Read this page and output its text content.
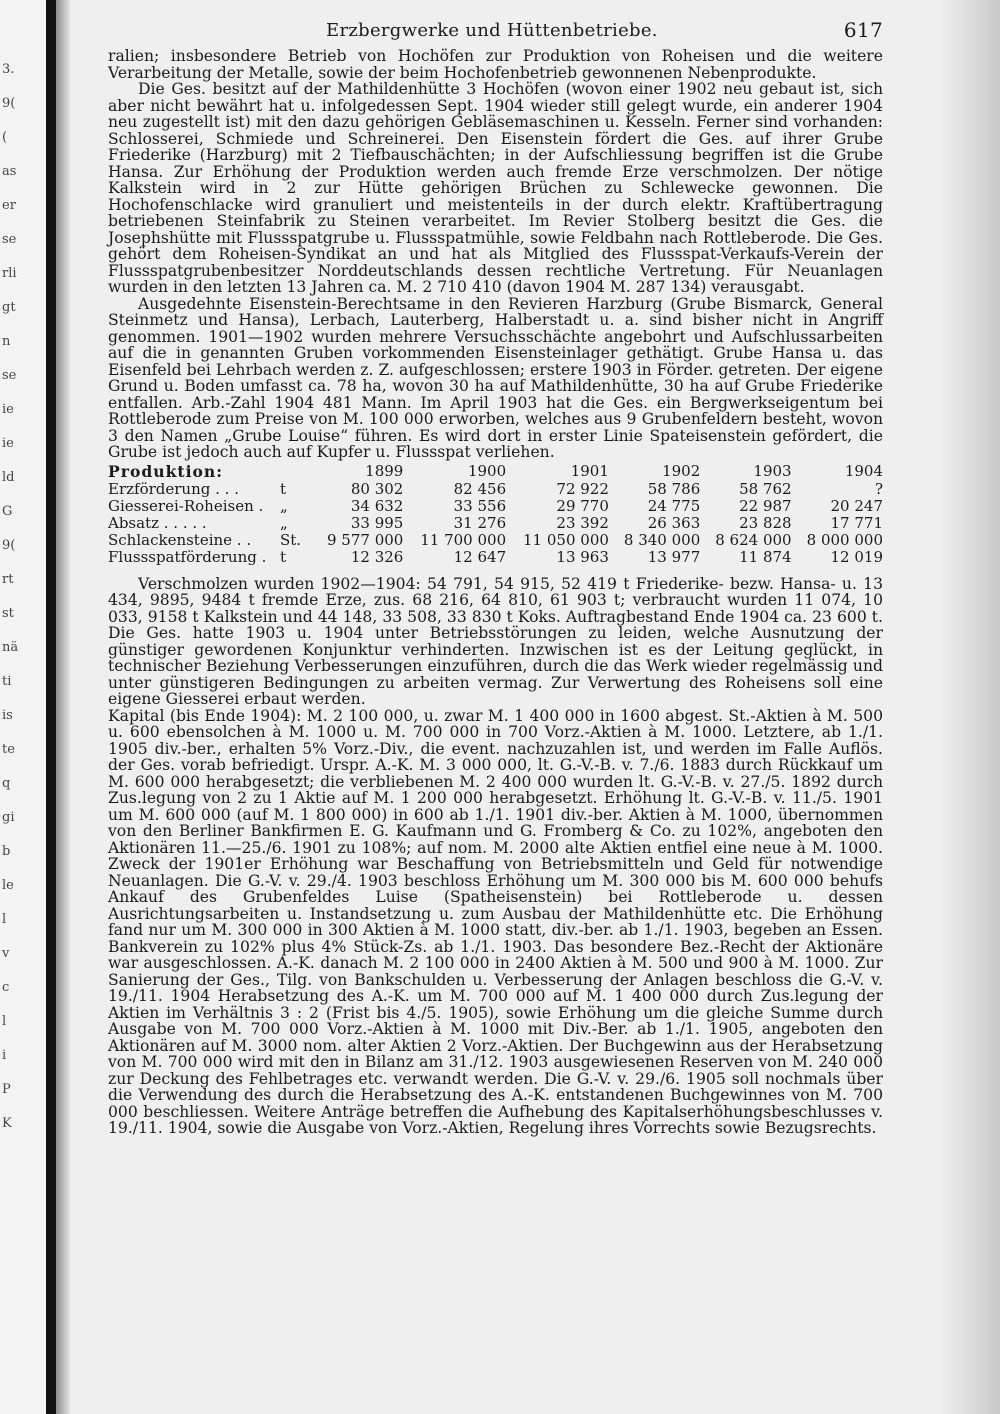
3.
9(
(
as
er
se
rli
gt
n
se
ie
ie
ld
G
9(
rt
st
nä
ti
is
te
q
gi
b
le
l
v
c
l
i
P
K
Erzbergwerke und Hüttenbetriebe.	617

ralien; insbesondere Betrieb von Hochöfen zur Produktion von Roheisen und die weitere Verarbeitung der Metalle, sowie der beim Hochofenbetrieb gewonnenen Nebenprodukte.

Die Ges. besitzt auf der Mathildenhütte 3 Hochöfen (wovon einer 1902 neu gebaut ist, sich aber nicht bewährt hat u. infolgedessen Sept. 1904 wieder still gelegt wurde, ein anderer 1904 neu zugestellt ist) mit den dazu gehörigen Gebläsemaschinen u. Kesseln. Ferner sind vorhanden: Schlosserei, Schmiede und Schreinerei. Den Eisenstein fördert die Ges. auf ihrer Grube Friederike (Harzburg) mit 2 Tiefbauschächten; in der Aufschliessung begriffen ist die Grube Hansa. Zur Erhöhung der Produktion werden auch fremde Erze verschmolzen. Der nötige Kalkstein wird in 2 zur Hütte gehörigen Brüchen zu Schlewecke gewonnen. Die Hochofenschlacke wird granuliert und meistenteils in der durch elektr. Kraftübertragung betriebenen Steinfabrik zu Steinen verarbeitet. Im Revier Stolberg besitzt die Ges. die Josephshütte mit Flussspatgrube u. Flussspatmühle, sowie Feldbahn nach Rottleberode. Die Ges. gehört dem Roheisen-Syndikat an und hat als Mitglied des Flussspat-Verkaufs-Verein der Flussspatgrubenbesitzer Norddeutschlands dessen rechtliche Vertretung. Für Neuanlagen wurden in den letzten 13 Jahren ca. M. 2 710 410 (davon 1904 M. 287 134) verausgabt.

Ausgedehnte Eisenstein-Berechtsame in den Revieren Harzburg (Grube Bismarck, General Steinmetz und Hansa), Lerbach, Lauterberg, Halberstadt u. a. sind bisher nicht in Angriff genommen. 1901—1902 wurden mehrere Versuchsschächte angebohrt und Aufschlussarbeiten auf die in genannten Gruben vorkommenden Eisensteinlager gethätigt. Grube Hansa u. das Eisenfeld bei Lehrbach werden z. Z. aufgeschlossen; erstere 1903 in Förder. getreten. Der eigene Grund u. Boden umfasst ca. 78 ha, wovon 30 ha auf Mathildenhütte, 30 ha auf Grube Friederike entfallen. Arb.-Zahl 1904 481 Mann. Im April 1903 hat die Ges. ein Bergwerkseigentum bei Rottleberode zum Preise von M. 100 000 erworben, welches aus 9 Grubenfeldern besteht, wovon 3 den Namen „Grube Louise“ führen. Es wird dort in erster Linie Spateisenstein gefördert, die Grube ist jedoch auch auf Kupfer u. Flussspat verliehen.

Produktion:		1899	1900	1901	1902	1903	1904
Erzförderung . . .	t	80 302	82 456	72 922	58 786	58 762	?
Giesserei-Roheisen .	„	34 632	33 556	29 770	24 775	22 987	20 247
Absatz . . . . .	„	33 995	31 276	23 392	26 363	23 828	17 771
Schlackensteine . .	St.	9 577 000	11 700 000	11 050 000	8 340 000	8 624 000	8 000 000
Flussspatförderung .	t	12 326	12 647	13 963	13 977	11 874	12 019

Verschmolzen wurden 1902—1904: 54 791, 54 915, 52 419 t Friederike- bezw. Hansa- u. 13 434, 9895, 9484 t fremde Erze, zus. 68 216, 64 810, 61 903 t; verbraucht wurden 11 074, 10 033, 9158 t Kalkstein und 44 148, 33 508, 33 830 t Koks. Auftragbestand Ende 1904 ca. 23 600 t. Die Ges. hatte 1903 u. 1904 unter Betriebsstörungen zu leiden, welche Ausnutzung der günstiger gewordenen Konjunktur verhinderten. Inzwischen ist es der Leitung geglückt, in technischer Beziehung Verbesserungen einzuführen, durch die das Werk wieder regelmässig und unter günstigeren Bedingungen zu arbeiten vermag. Zur Verwertung des Roheisens soll eine eigene Giesserei erbaut werden.

Kapital (bis Ende 1904): M. 2 100 000, u. zwar M. 1 400 000 in 1600 abgest. St.-Aktien à M. 500 u. 600 ebensolchen à M. 1000 u. M. 700 000 in 700 Vorz.-Aktien à M. 1000. Letztere, ab 1./1. 1905 div.-ber., erhalten 5% Vorz.-Div., die event. nachzuzahlen ist, und werden im Falle Auflös. der Ges. vorab befriedigt. Urspr. A.-K. M. 3 000 000, lt. G.-V.-B. v. 7./6. 1883 durch Rückkauf um M. 600 000 herabgesetzt; die verbliebenen M. 2 400 000 wurden lt. G.-V.-B. v. 27./5. 1892 durch Zus.legung von 2 zu 1 Aktie auf M. 1 200 000 herabgesetzt. Erhöhung lt. G.-V.-B. v. 11./5. 1901 um M. 600 000 (auf M. 1 800 000) in 600 ab 1./1. 1901 div.-ber. Aktien à M. 1000, übernommen von den Berliner Bankfirmen E. G. Kaufmann und G. Fromberg & Co. zu 102%, angeboten den Aktionären 11.—25./6. 1901 zu 108%; auf nom. M. 2000 alte Aktien entfiel eine neue à M. 1000. Zweck der 1901er Erhöhung war Beschaffung von Betriebsmitteln und Geld für notwendige Neuanlagen. Die G.-V. v. 29./4. 1903 beschloss Erhöhung um M. 300 000 bis M. 600 000 behufs Ankauf des Grubenfeldes Luise (Spatheisenstein) bei Rottleberode u. dessen Ausrichtungsarbeiten u. Instandsetzung u. zum Ausbau der Mathildenhütte etc. Die Erhöhung fand nur um M. 300 000 in 300 Aktien à M. 1000 statt, div.-ber. ab 1./1. 1903, begeben an Essen. Bankverein zu 102% plus 4% Stück-Zs. ab 1./1. 1903. Das besondere Bez.-Recht der Aktionäre war ausgeschlossen. A.-K. danach M. 2 100 000 in 2400 Aktien à M. 500 und 900 à M. 1000. Zur Sanierung der Ges., Tilg. von Bankschulden u. Verbesserung der Anlagen beschloss die G.-V. v. 19./11. 1904 Herabsetzung des A.-K. um M. 700 000 auf M. 1 400 000 durch Zus.legung der Aktien im Verhältnis 3 : 2 (Frist bis 4./5. 1905), sowie Erhöhung um die gleiche Summe durch Ausgabe von M. 700 000 Vorz.-Aktien à M. 1000 mit Div.-Ber. ab 1./1. 1905, angeboten den Aktionären auf M. 3000 nom. alter Aktien 2 Vorz.-Aktien. Der Buchgewinn aus der Herabsetzung von M. 700 000 wird mit den in Bilanz am 31./12. 1903 ausgewiesenen Reserven von M. 240 000 zur Deckung des Fehlbetrages etc. verwandt werden. Die G.-V. v. 29./6. 1905 soll nochmals über die Verwendung des durch die Herabsetzung des A.-K. entstandenen Buchgewinnes von M. 700 000 beschliessen. Weitere Anträge betreffen die Aufhebung des Kapitalserhöhungsbeschlusses v. 19./11. 1904, sowie die Ausgabe von Vorz.-Aktien, Regelung ihres Vorrechts sowie Bezugsrechts.
